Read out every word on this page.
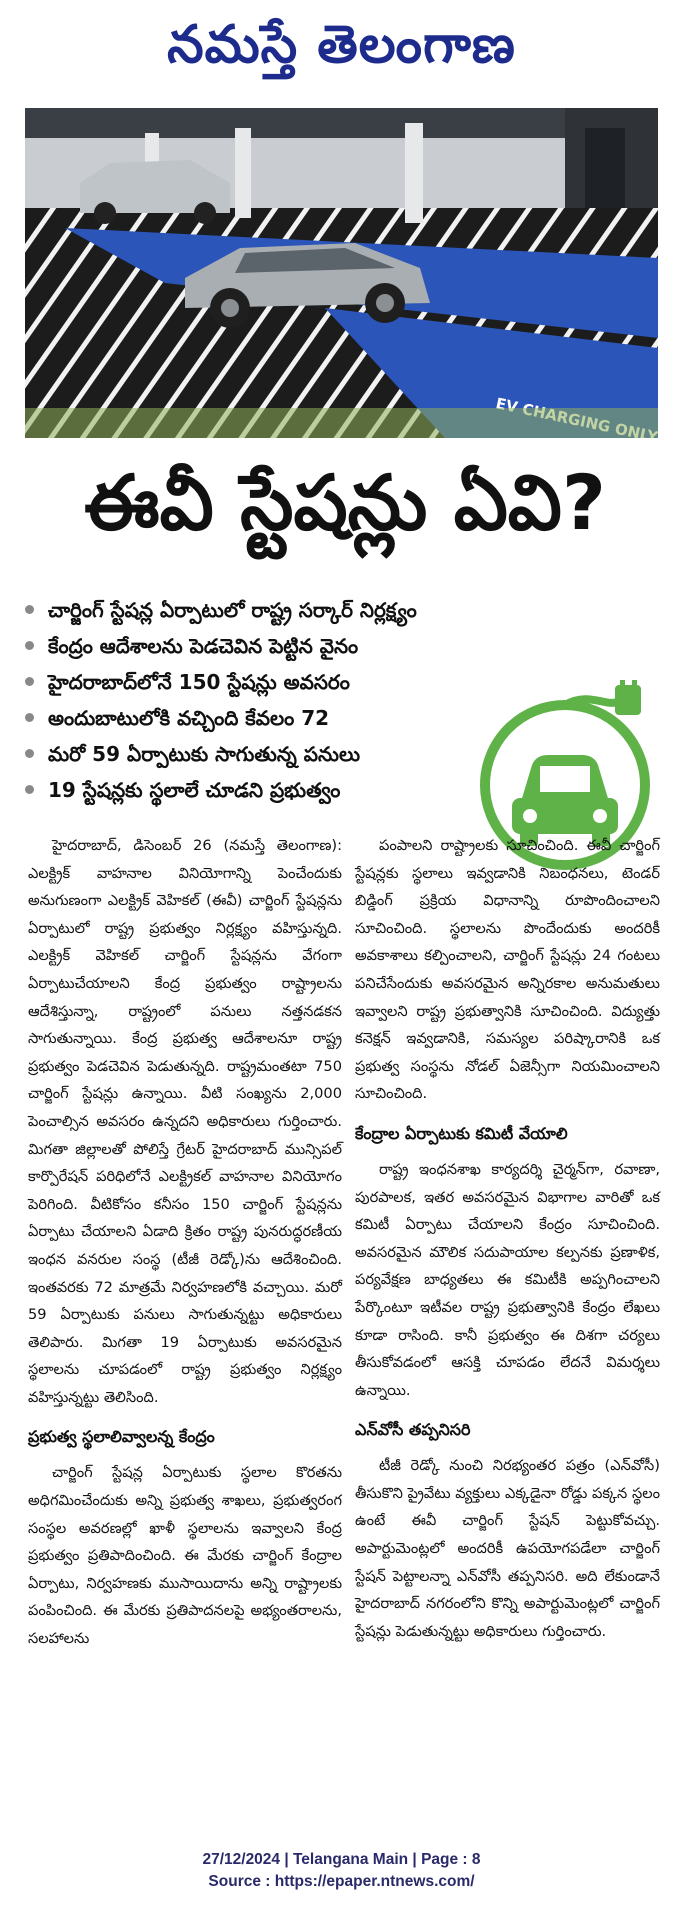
నమస్తే తెలంగాణ
ఈవీ స్టేషన్లు ఏవి?
చార్జింగ్ స్టేషన్ల ఏర్పాటులో రాష్ట్ర సర్కార్ నిర్లక్ష్యం
కేంద్రం ఆదేశాలను పెడచెవిన పెట్టిన వైనం
హైదరాబాద్‌లోనే 150 స్టేషన్లు అవసరం
అందుబాటులోకి వచ్చింది కేవలం 72
మరో 59 ఏర్పాటుకు సాగుతున్న పనులు
19 స్టేషన్లకు స్థలాలే చూడని ప్రభుత్వం

హైదరాబాద్, డిసెంబర్ 26 (నమస్తే తెలంగాణ): ఎలక్ట్రిక్ వాహనాల వినియోగాన్ని పెంచేందుకు అనుగుణంగా ఎలక్ట్రిక్ వెహికల్ (ఈవీ) చార్జింగ్ స్టేషన్లను ఏర్పాటులో రాష్ట్ర ప్రభుత్వం నిర్లక్ష్యం వహిస్తున్నది. ఎలక్ట్రిక్ వెహికల్ చార్జింగ్ స్టేషన్లను వేగంగా ఏర్పాటుచేయాలని కేంద్ర ప్రభుత్వం రాష్ట్రాలను ఆదేశిస్తున్నా, రాష్ట్రంలో పనులు నత్తనడకన సాగుతున్నాయి. కేంద్ర ప్రభుత్వ ఆదేశాలనూ రాష్ట్ర ప్రభుత్వం పెడచెవిన పెడుతున్నది. రాష్ట్రమంతటా 750 చార్జింగ్ స్టేషన్లు ఉన్నాయి. వీటి సంఖ్యను 2,000 పెంచాల్సిన అవసరం ఉన్నదని అధికారులు గుర్తించారు. మిగతా జిల్లాలతో పోలిస్తే గ్రేటర్ హైదరాబాద్ మున్సిపల్ కార్పొరేషన్ పరిధిలోనే ఎలక్ట్రికల్ వాహనాల వినియోగం పెరిగింది. వీటికోసం కనీసం 150 చార్జింగ్ స్టేషన్లను ఏర్పాటు చేయాలని ఏడాది క్రితం రాష్ట్ర పునరుద్ధరణీయ ఇంధన వనరుల సంస్థ (టీజీ రెడ్కో)ను ఆదేశించింది. ఇంతవరకు 72 మాత్రమే నిర్వహణలోకి వచ్చాయి. మరో 59 ఏర్పాటుకు పనులు సాగుతున్నట్టు అధికారులు తెలిపారు. మిగతా 19 ఏర్పాటుకు అవసరమైన స్థలాలను చూపడంలో రాష్ట్ర ప్రభుత్వం నిర్లక్ష్యం వహిస్తున్నట్టు తెలిసింది.

ప్రభుత్వ స్థలాలివ్వాలన్న కేంద్రం

చార్జింగ్ స్టేషన్ల ఏర్పాటుకు స్థలాల కొరతను అధిగమించేందుకు అన్ని ప్రభుత్వ శాఖలు, ప్రభుత్వరంగ సంస్థల అవరణల్లో ఖాళీ స్థలాలను ఇవ్వాలని కేంద్ర ప్రభుత్వం ప్రతిపాదించింది. ఈ మేరకు చార్జింగ్ కేంద్రాల ఏర్పాటు, నిర్వహణకు ముసాయిదాను అన్ని రాష్ట్రాలకు పంపించింది. ఈ మేరకు ప్రతిపాదనలపై అభ్యంతరాలను, సలహాలను

పంపాలని రాష్ట్రాలకు సూచించింది. ఈవీ చార్జింగ్ స్టేషన్లకు స్థలాలు ఇవ్వడానికి నిబంధనలు, టెండర్ బిడ్డింగ్ ప్రక్రియ విధానాన్ని రూపొందించాలని సూచించింది. స్థలాలను పొందేందుకు అందరికీ అవకాశాలు కల్పించాలని, చార్జింగ్ స్టేషన్లు 24 గంటలు పనిచేసేందుకు అవసరమైన అన్నిరకాల అనుమతులు ఇవ్వాలని రాష్ట్ర ప్రభుత్వానికి సూచించింది. విద్యుత్తు కనెక్షన్ ఇవ్వడానికి, సమస్యల పరిష్కారానికి ఒక ప్రభుత్వ సంస్థను నోడల్ ఏజెన్సీగా నియమించాలని సూచించింది.

కేంద్రాల ఏర్పాటుకు కమిటీ వేయాలి

రాష్ట్ర ఇంధనశాఖ కార్యదర్శి చైర్మన్‌గా, రవాణా, పురపాలక, ఇతర అవసరమైన విభాగాల వారితో ఒక కమిటీ ఏర్పాటు చేయాలని కేంద్రం సూచించింది. అవసరమైన మౌలిక సదుపాయాల కల్పనకు ప్రణాళిక, పర్యవేక్షణ బాధ్యతలు ఈ కమిటీకి అప్పగించాలని పేర్కొంటూ ఇటీవల రాష్ట్ర ప్రభుత్వానికి కేంద్రం లేఖలు కూడా రాసింది. కానీ ప్రభుత్వం ఈ దిశగా చర్యలు తీసుకోవడంలో ఆసక్తి చూపడం లేదనే విమర్శలు ఉన్నాయి.

ఎన్‌వోసీ తప్పనిసరి

టీజీ రెడ్కో నుంచి నిరభ్యంతర పత్రం (ఎన్‌వోసీ) తీసుకొని ప్రైవేటు వ్యక్తులు ఎక్కడైనా రోడ్డు పక్కన స్థలం ఉంటే ఈవీ చార్జింగ్ స్టేషన్ పెట్టుకోవచ్చు. అపార్టుమెంట్లలో అందరికీ ఉపయోగపడేలా చార్జింగ్ స్టేషన్ పెట్టాలన్నా ఎన్‌వోసీ తప్పనిసరి. అది లేకుండానే హైదరాబాద్ నగరంలోని కొన్ని అపార్టుమెంట్లలో చార్జింగ్ స్టేషన్లు పెడుతున్నట్టు అధికారులు గుర్తించారు.

27/12/2024 | Telangana Main | Page : 8
Source : https://epaper.ntnews.com/
